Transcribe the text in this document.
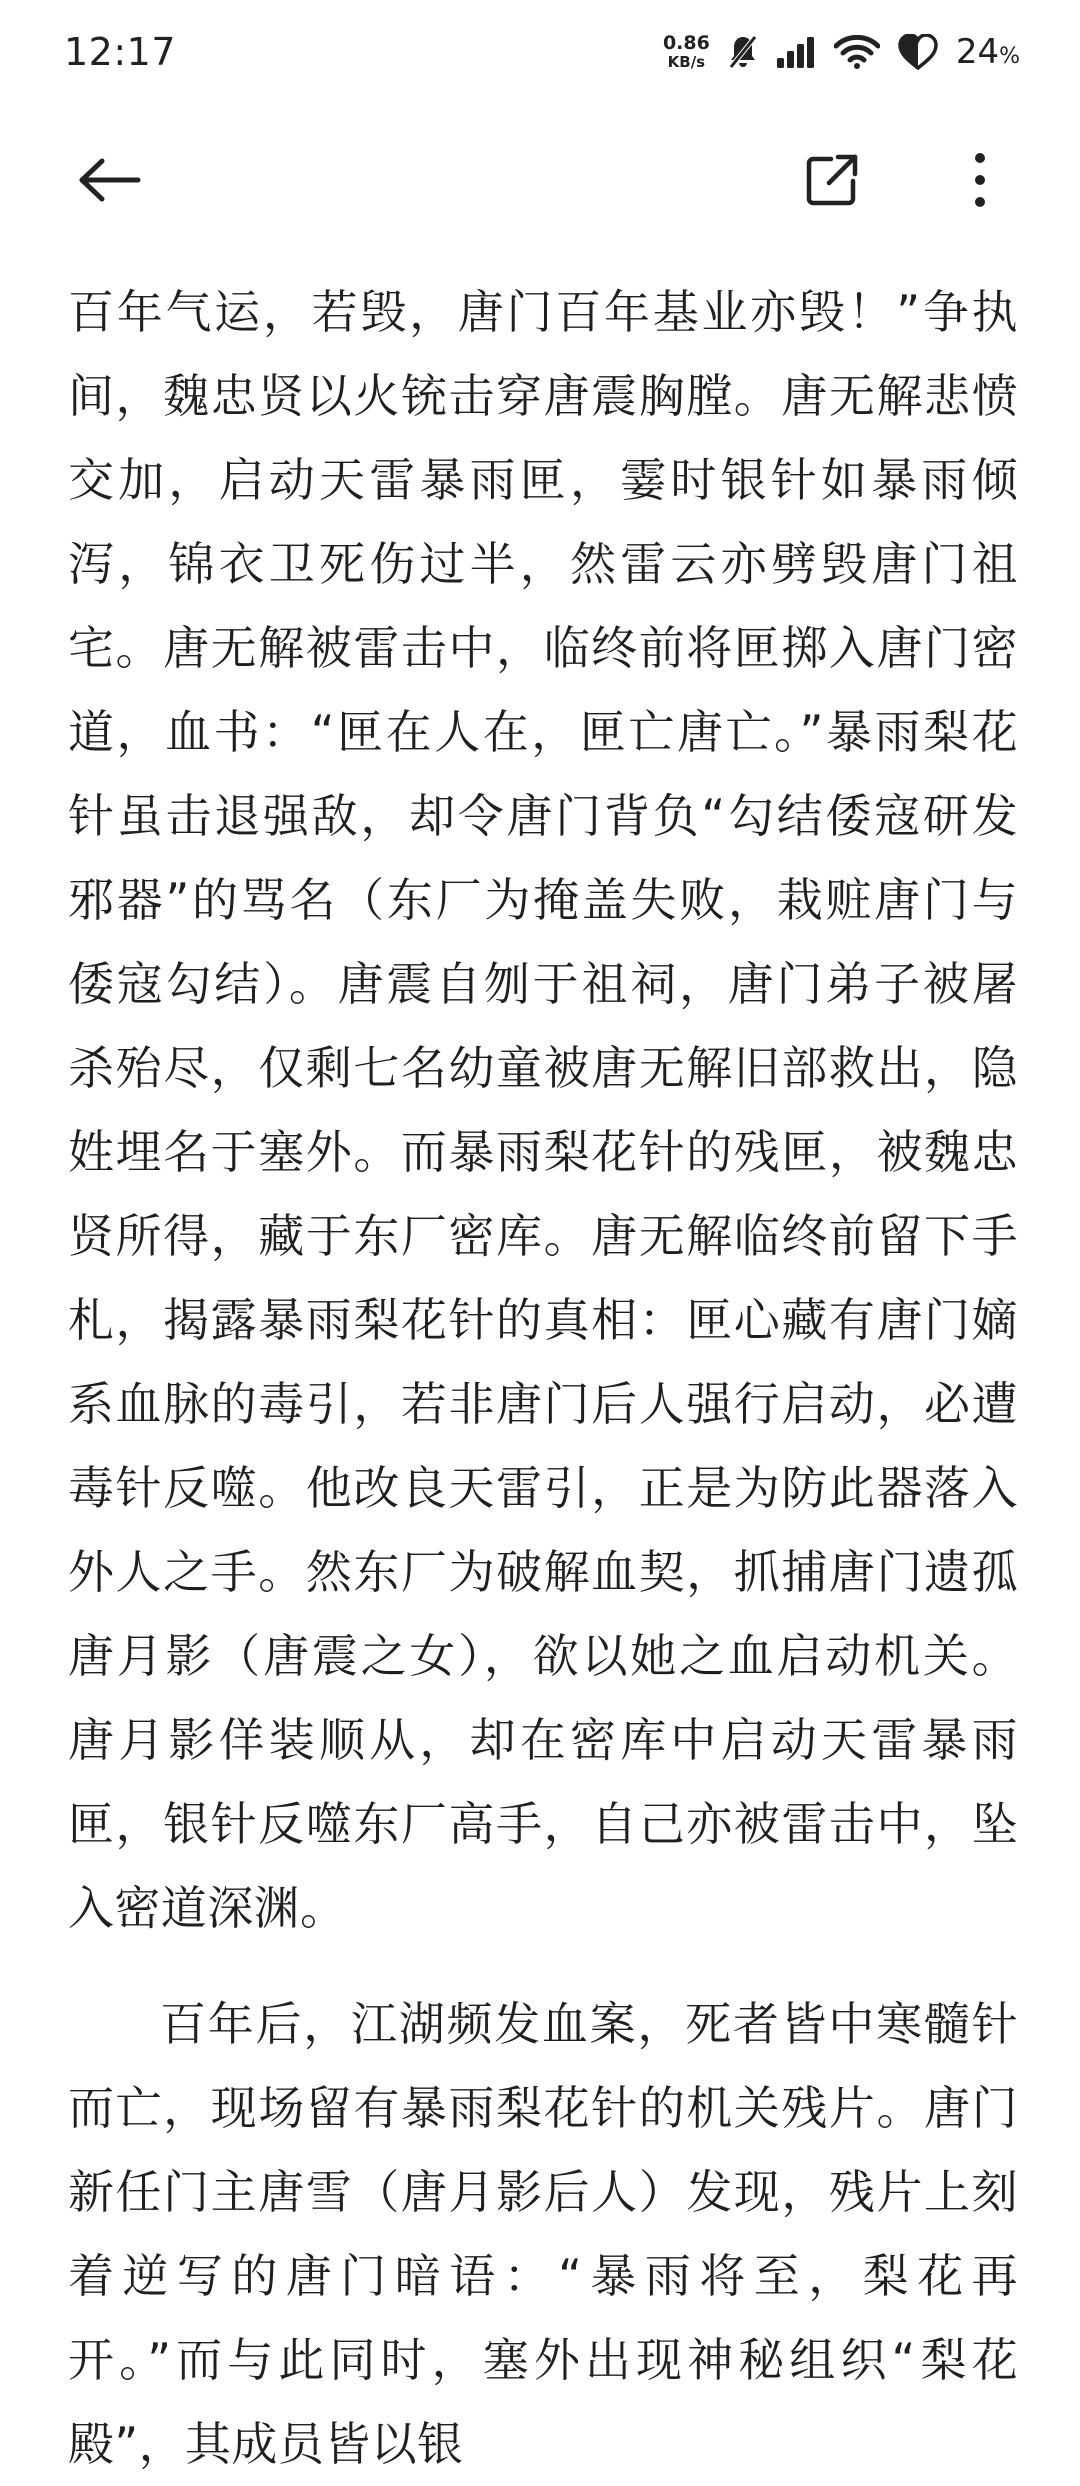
12:17	0.86
KB/s	24%

百年气运，若毁，唐门百年基业亦毁！”争执间，魏忠贤以火铳击穿唐震胸膛。唐无解悲愤交加，启动天雷暴雨匣，霎时银针如暴雨倾泻，锦衣卫死伤过半，然雷云亦劈毁唐门祖宅。唐无解被雷击中，临终前将匣掷入唐门密道，血书：“匣在人在，匣亡唐亡。”暴雨梨花针虽击退强敌，却令唐门背负“勾结倭寇研发邪器”的骂名（东厂为掩盖失败，栽赃唐门与倭寇勾结）。唐震自刎于祖祠，唐门弟子被屠杀殆尽，仅剩七名幼童被唐无解旧部救出，隐姓埋名于塞外。而暴雨梨花针的残匣，被魏忠贤所得，藏于东厂密库。唐无解临终前留下手札，揭露暴雨梨花针的真相：匣心藏有唐门嫡系血脉的毒引，若非唐门后人强行启动，必遭毒针反噬。他改良天雷引，正是为防此器落入外人之手。然东厂为破解血契，抓捕唐门遗孤唐月影（唐震之女），欲以她之血启动机关。唐月影佯装顺从，却在密库中启动天雷暴雨匣，银针反噬东厂高手，自己亦被雷击中，坠入密道深渊。

百年后，江湖频发血案，死者皆中寒髓针而亡，现场留有暴雨梨花针的机关残片。唐门新任门主唐雪（唐月影后人）发现，残片上刻着逆写的唐门暗语：“暴雨将至，梨花再开。”而与此同时，塞外出现神秘组织“梨花殿”，其成员皆以银
